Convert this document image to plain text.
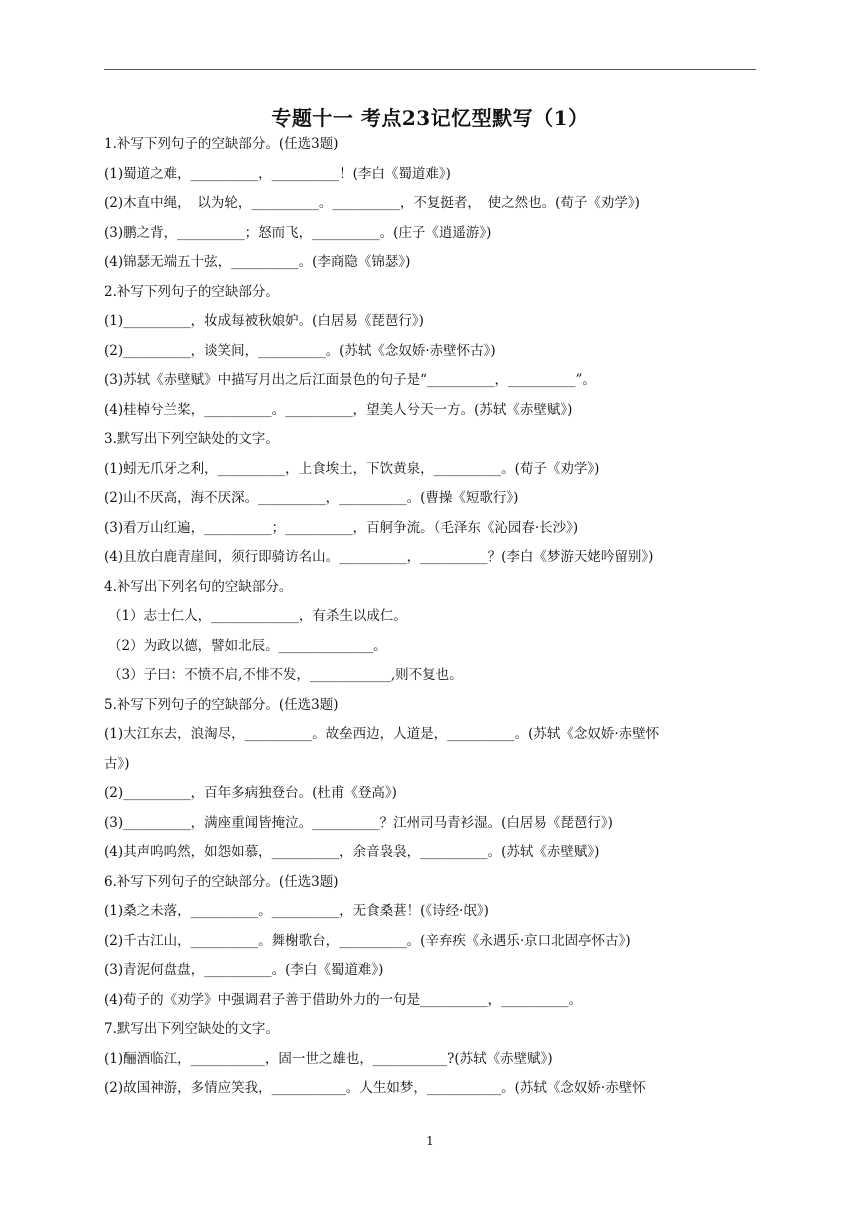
专题十一 考点23记忆型默写（1）
1.补写下列句子的空缺部分。(任选3题)
(1)蜀道之难，__________，__________！(李白《蜀道难》)
(2)木直中绳，　以为轮，__________。__________，不复挺者，　使之然也。(荀子《劝学》)
(3)鹏之背，__________；怒而飞，__________。(庄子《逍遥游》)
(4)锦瑟无端五十弦，__________。(李商隐《锦瑟》)
2.补写下列句子的空缺部分。
(1)__________，妆成每被秋娘妒。(白居易《琵琶行》)
(2)__________，谈笑间，__________。(苏轼《念奴娇·赤壁怀古》)
(3)苏轼《赤壁赋》中描写月出之后江面景色的句子是“__________，__________”。
(4)桂棹兮兰桨，__________。__________，望美人兮天一方。(苏轼《赤壁赋》)
3.默写出下列空缺处的文字。
(1)蚓无爪牙之利，__________，上食埃土，下饮黄泉，__________。(荀子《劝学》)
(2)山不厌高，海不厌深。__________，__________。(曹操《短歌行》)
(3)看万山红遍，__________；__________，百舸争流。（毛泽东《沁园春·长沙》)
(4)且放白鹿青崖间，须行即骑访名山。__________，__________？(李白《梦游天姥吟留别》)
4.补写出下列名句的空缺部分。
（1）志士仁人，_____________，有杀生以成仁。
（2）为政以德，譬如北辰。______________。
（3）子曰：不愤不启,不悱不发，____________,则不复也。
5.补写下列句子的空缺部分。(任选3题)
(1)大江东去，浪淘尽，__________。故垒西边，人道是，__________。(苏轼《念奴娇·赤壁怀
古》)
(2)__________，百年多病独登台。(杜甫《登高》)
(3)__________，满座重闻皆掩泣。__________？江州司马青衫湿。(白居易《琵琶行》)
(4)其声呜呜然，如怨如慕，__________，余音袅袅，__________。(苏轼《赤壁赋》)
6.补写下列句子的空缺部分。(任选3题)
(1)桑之未落，__________。__________，无食桑葚！(《诗经·氓》)
(2)千古江山，__________。舞榭歌台，__________。(辛弃疾《永遇乐·京口北固亭怀古》)
(3)青泥何盘盘，__________。(李白《蜀道难》)
(4)荀子的《劝学》中强调君子善于借助外力的一句是__________，__________。
7.默写出下列空缺处的文字。
(1)酾酒临江，___________，固一世之雄也，___________?(苏轼《赤壁赋》)
(2)故国神游，多情应笑我，___________。人生如梦，___________。(苏轼《念奴娇·赤壁怀
1
